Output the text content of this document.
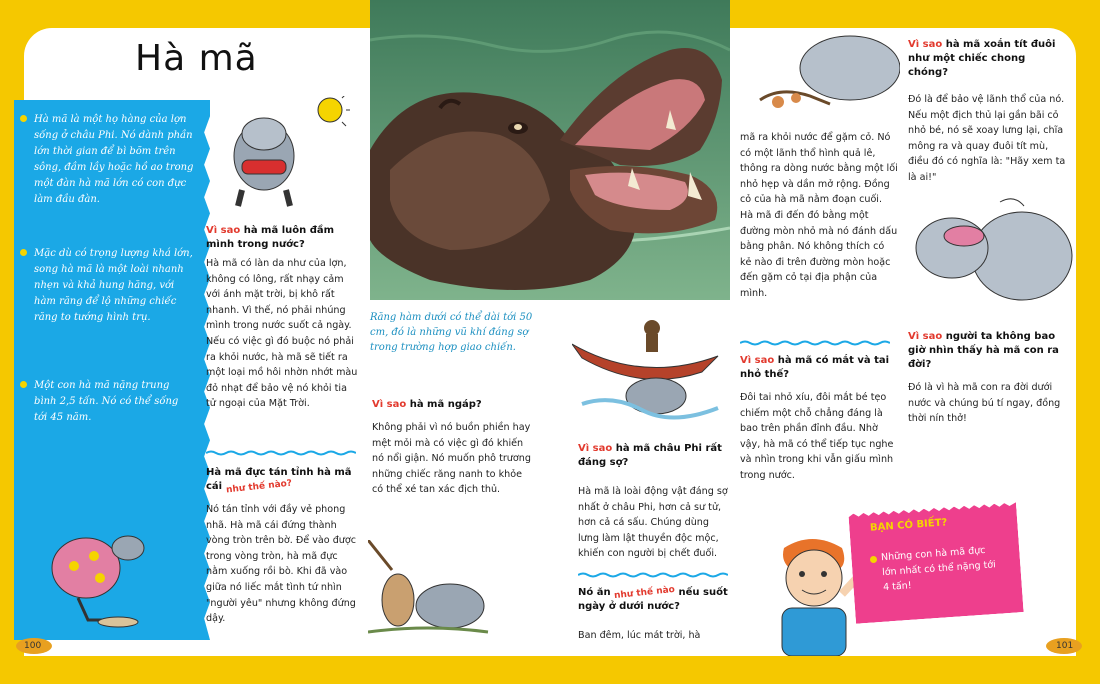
Hà mã
Hà mã là một họ hàng của lợn sống ở châu Phi. Nó dành phần lớn thời gian để bì bõm trên sông, đầm lầy hoặc hồ ao trong một đàn hà mã lớn có con đực làm đầu đàn.
Mặc dù có trọng lượng khá lớn, song hà mã là một loài nhanh nhẹn và khả hung hăng, với hàm răng để lộ những chiếc răng to tướng hình trụ.
Một con hà mã nặng trung bình 2,5 tấn. Nó có thể sống tới 45 năm.
Vì sao hà mã luôn đầm mình trong nước?
Hà mã có làn da như của lợn, không có lông, rất nhạy cảm với ánh mặt trời, bị khô rất nhanh. Vì thế, nó phải nhúng mình trong nước suốt cả ngày. Nếu có việc gì đó buộc nó phải ra khỏi nước, hà mã sẽ tiết ra một loại mồ hôi nhờn nhớt màu đỏ nhạt để bảo vệ nó khỏi tia tử ngoại của Mặt Trời.
Hà mã đực tán tỉnh hà mã cái như thế nào?
Nó tán tỉnh với đầy vẻ phong nhã. Hà mã cái đứng thành vòng tròn trên bờ. Để vào được trong vòng tròn, hà mã đực nằm xuống rồi bò. Khi đã vào giữa nó liếc mắt tình tứ nhìn "người yêu" nhưng không đứng dậy.
Răng hàm dưới có thể dài tới 50 cm, đó là những vũ khí đáng sợ trong trường hợp giao chiến.
Vì sao hà mã ngáp?
Không phải vì nó buồn phiền hay mệt mỏi mà có việc gì đó khiến nó nổi giận. Nó muốn phô trương những chiếc răng nanh to khỏe có thể xé tan xác địch thủ.
Vì sao hà mã châu Phi rất đáng sợ?
Hà mã là loài động vật đáng sợ nhất ở châu Phi, hơn cả sư tử, hơn cả cá sấu. Chúng dùng lưng làm lật thuyền độc mộc, khiến con người bị chết đuối.
Nó ăn như thế nào nếu suốt ngày ở dưới nước?
Ban đêm, lúc mát trời, hà
mã ra khỏi nước để gặm cỏ. Nó có một lãnh thổ hình quả lê, thông ra dòng nước bằng một lối nhỏ hẹp và dần mở rộng. Đồng cỏ của hà mã nằm đoạn cuối. Hà mã đi đến đó bằng một đường mòn nhỏ mà nó đánh dấu bằng phân. Nó không thích có kẻ nào đi trên đường mòn hoặc đến gặm cỏ tại địa phận của mình.
Vì sao hà mã có mắt và tai nhỏ thế?
Đôi tai nhỏ xíu, đôi mắt bé tẹo chiếm một chỗ chẳng đáng là bao trên phần đỉnh đầu. Nhờ vậy, hà mã có thể tiếp tục nghe và nhìn trong khi vẫn giấu mình trong nước.
Vì sao hà mã xoắn tít đuôi như một chiếc chong chóng?
Đó là để bảo vệ lãnh thổ của nó. Nếu một địch thủ lại gần bãi cỏ nhỏ bé, nó sẽ xoay lưng lại, chĩa mông ra và quay đuôi tít mù, điều đó có nghĩa là: "Hãy xem ta là ai!"
Vì sao người ta không bao giờ nhìn thấy hà mã con ra đời?
Đó là vì hà mã con ra đời dưới nước và chúng bú tí ngay, đồng thời nín thở!
BẠN CÓ BIẾT?
Những con hà mã đực lớn nhất có thể nặng tới 4 tấn!
100	101
